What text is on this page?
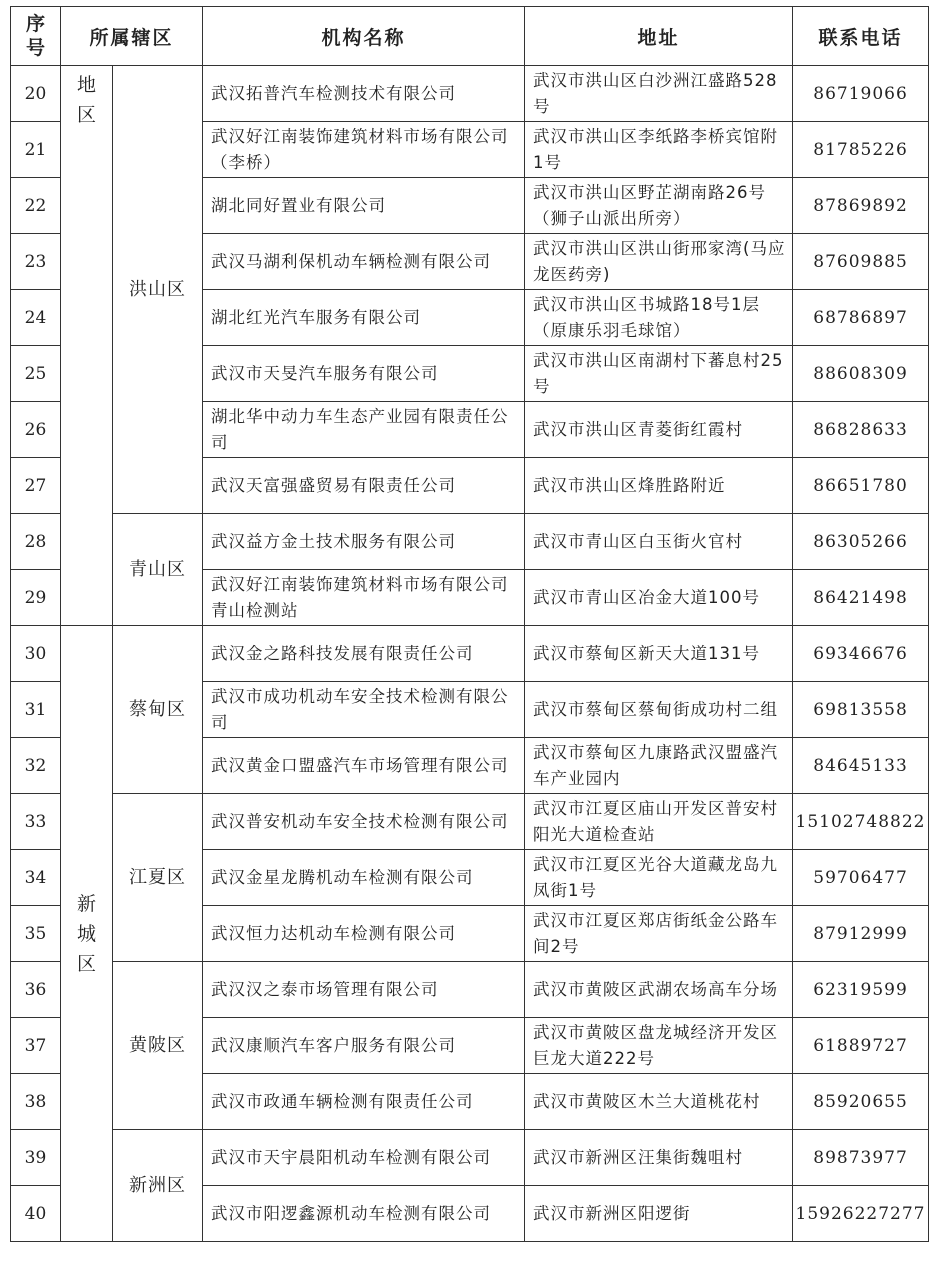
序号	所属辖区		机构名称	地址	联系电话
20	地区	洪山区	武汉拓普汽车检测技术有限公司	武汉市洪山区白沙洲江盛路528号	86719066
21			武汉好江南装饰建筑材料市场有限公司（李桥）	武汉市洪山区李纸路李桥宾馆附1号	81785226
22			湖北同好置业有限公司	武汉市洪山区野芷湖南路26号（狮子山派出所旁）	87869892
23			武汉马湖利保机动车辆检测有限公司	武汉市洪山区洪山街邢家湾(马应龙医药旁)	87609885
24			湖北红光汽车服务有限公司	武汉市洪山区书城路18号1层（原康乐羽毛球馆）	68786897
25			武汉市天旻汽车服务有限公司	武汉市洪山区南湖村下蕃息村25号	88608309
26			湖北华中动力车生态产业园有限责任公司	武汉市洪山区青菱街红霞村	86828633
27			武汉天富强盛贸易有限责任公司	武汉市洪山区烽胜路附近	86651780
28		青山区	武汉益方金土技术服务有限公司	武汉市青山区白玉街火官村	86305266
29			武汉好江南装饰建筑材料市场有限公司青山检测站	武汉市青山区冶金大道100号	86421498
30	新城区	蔡甸区	武汉金之路科技发展有限责任公司	武汉市蔡甸区新天大道131号	69346676
31			武汉市成功机动车安全技术检测有限公司	武汉市蔡甸区蔡甸街成功村二组	69813558
32			武汉黄金口盟盛汽车市场管理有限公司	武汉市蔡甸区九康路武汉盟盛汽车产业园内	84645133
33		江夏区	武汉普安机动车安全技术检测有限公司	武汉市江夏区庙山开发区普安村阳光大道检查站	15102748822
34			武汉金星龙腾机动车检测有限公司	武汉市江夏区光谷大道藏龙岛九凤街1号	59706477
35			武汉恒力达机动车检测有限公司	武汉市江夏区郑店街纸金公路车间2号	87912999
36		黄陂区	武汉汉之泰市场管理有限公司	武汉市黄陂区武湖农场高车分场	62319599
37			武汉康顺汽车客户服务有限公司	武汉市黄陂区盘龙城经济开发区巨龙大道222号	61889727
38			武汉市政通车辆检测有限责任公司	武汉市黄陂区木兰大道桃花村	85920655
39		新洲区	武汉市天宇晨阳机动车检测有限公司	武汉市新洲区汪集街魏咀村	89873977
40			武汉市阳逻鑫源机动车检测有限公司	武汉市新洲区阳逻街	15926227277
